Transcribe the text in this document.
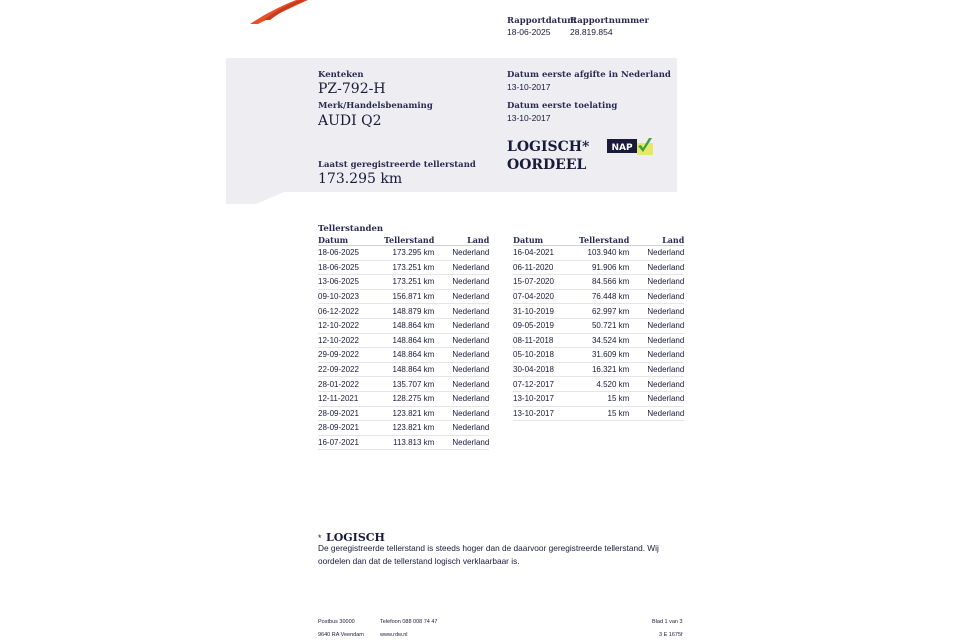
Rapportdatum
18-06-2025
Rapportnummer
28.819.854
Kenteken
PZ-792-H
Merk/Handelsbenaming
AUDI Q2
Datum eerste afgifte in Nederland
13-10-2017
Datum eerste toelating
13-10-2017
LOGISCH*
OORDEEL
NAP
Laatst geregistreerde tellerstand
173.295 km
Tellerstanden
Datum	Tellerstand	Land
18-06-2025	173.295 km	Nederland
18-06-2025	173.251 km	Nederland
13-06-2025	173.251 km	Nederland
09-10-2023	156.871 km	Nederland
06-12-2022	148.879 km	Nederland
12-10-2022	148.864 km	Nederland
12-10-2022	148.864 km	Nederland
29-09-2022	148.864 km	Nederland
22-09-2022	148.864 km	Nederland
28-01-2022	135.707 km	Nederland
12-11-2021	128.275 km	Nederland
28-09-2021	123.821 km	Nederland
28-09-2021	123.821 km	Nederland
16-07-2021	113.813 km	Nederland
Datum	Tellerstand	Land
16-04-2021	103.940 km	Nederland
06-11-2020	91.906 km	Nederland
15-07-2020	84.566 km	Nederland
07-04-2020	76.448 km	Nederland
31-10-2019	62.997 km	Nederland
09-05-2019	50.721 km	Nederland
08-11-2018	34.524 km	Nederland
05-10-2018	31.609 km	Nederland
30-04-2018	16.321 km	Nederland
07-12-2017	4.520 km	Nederland
13-10-2017	15 km	Nederland
13-10-2017	15 km	Nederland
* LOGISCH
De geregistreerde tellerstand is steeds hoger dan de daarvoor geregistreerde tellerstand. Wij oordelen dan dat de tellerstand logisch verklaarbaar is.
Postbus 30000
9640 RA Veendam
Telefoon 088 008 74 47
www.rdw.nl
Blad 1 van 3
3 E 1675f
